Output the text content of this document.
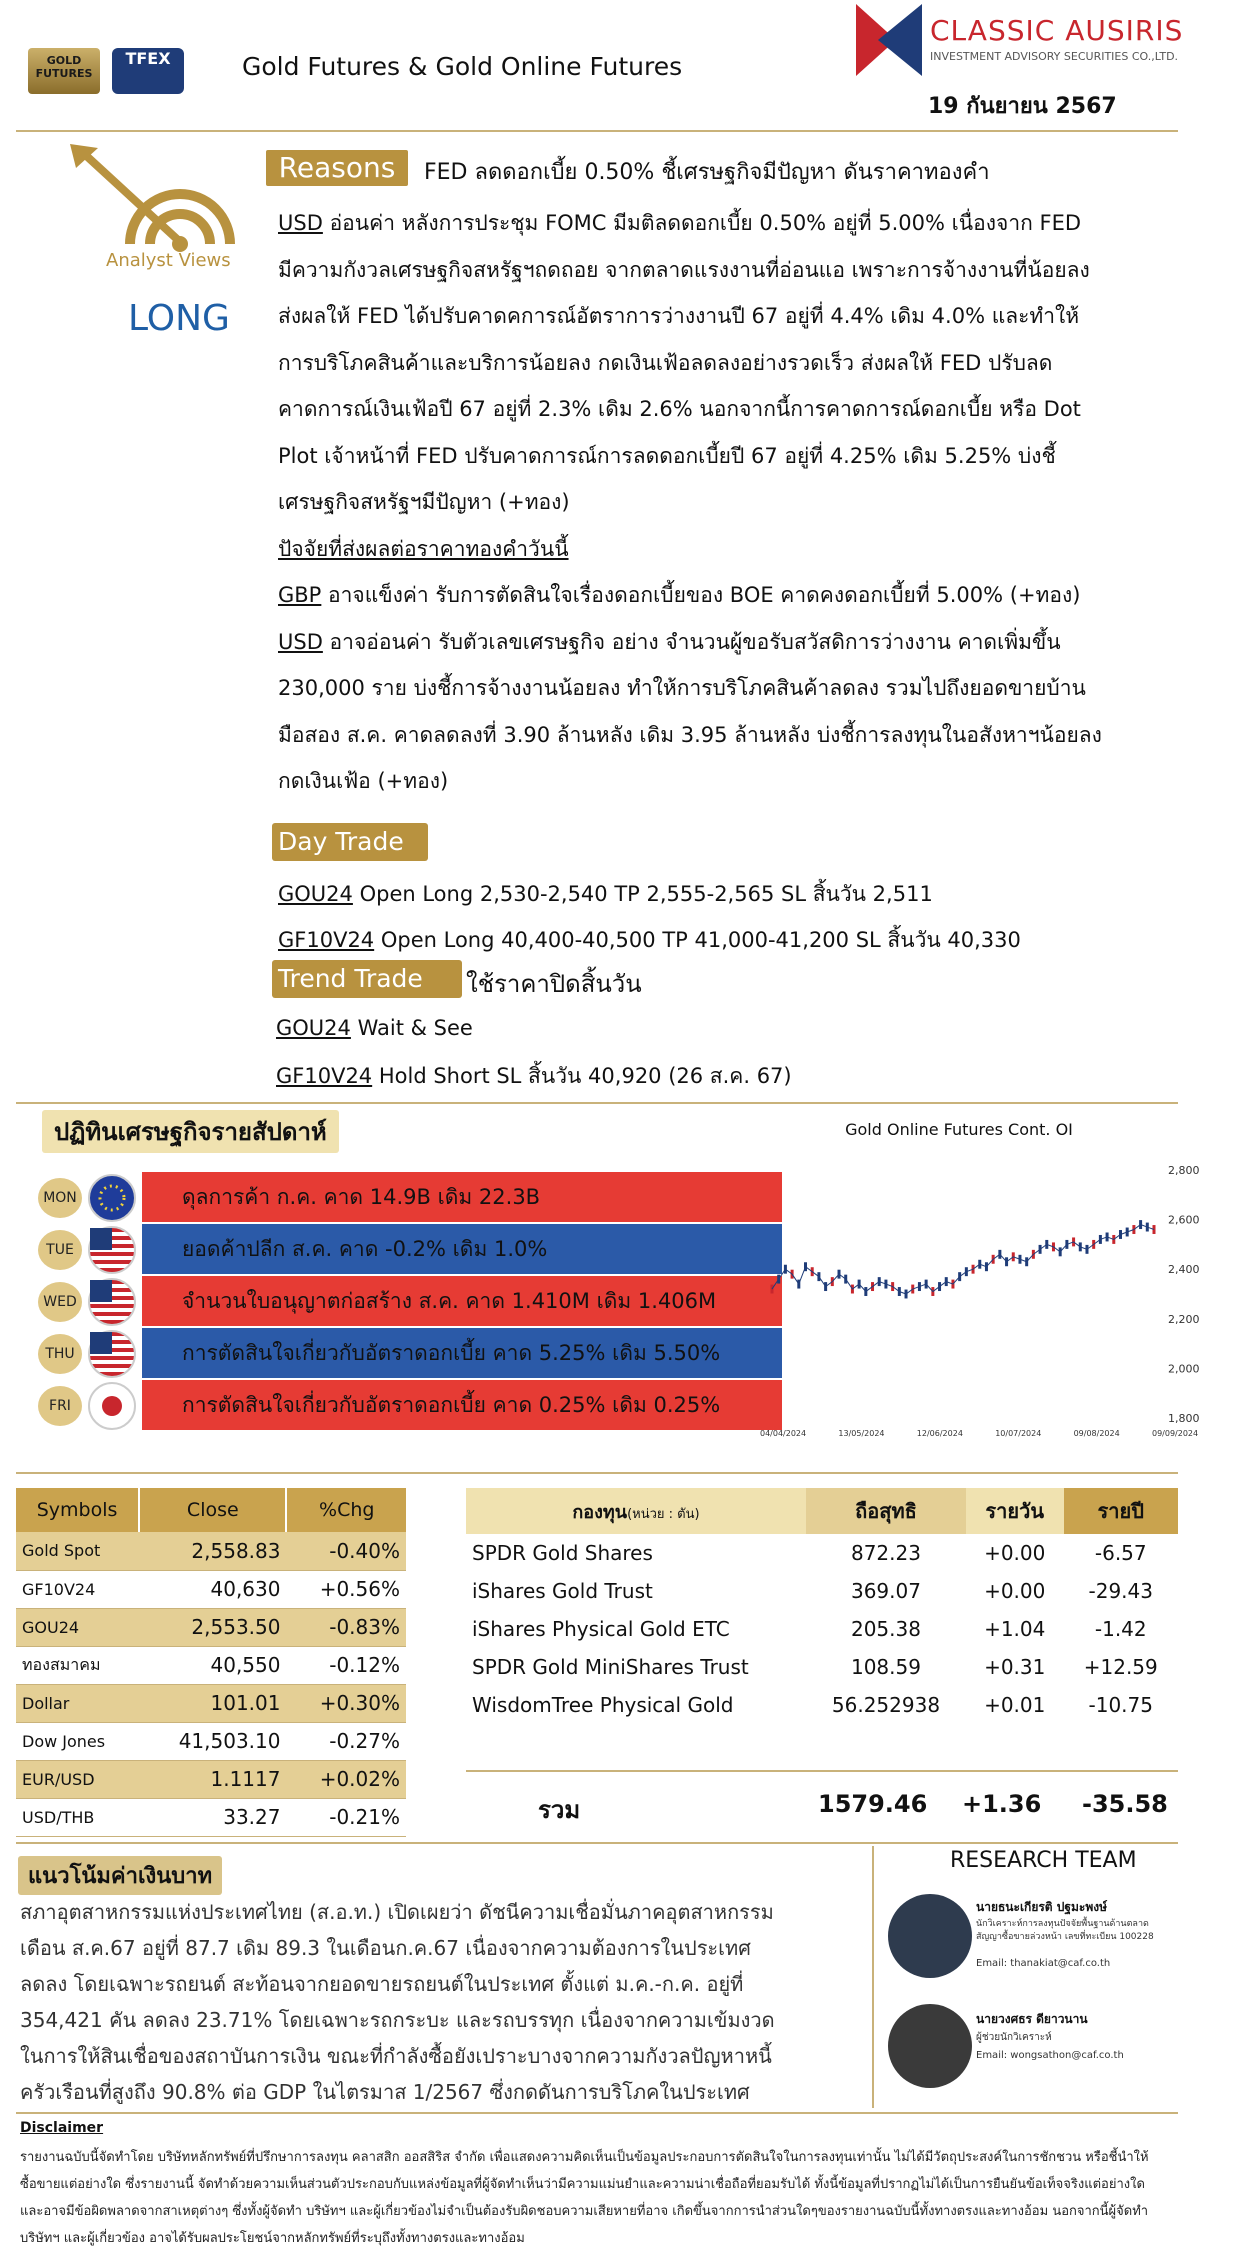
GOLD FUTURES
TFEX	Gold Futures & Gold Online Futures
CLASSIC AUSIRIS
INVESTMENT ADVISORY SECURITIES CO.,LTD.
19 กันยายน 2567
Analyst Views
LONG
Reasons	FED ลดดอกเบี้ย 0.50% ชี้เศรษฐกิจมีปัญหา ดันราคาทองคำ
USD อ่อนค่า หลังการประชุม FOMC มีมติลดดอกเบี้ย 0.50% อยู่ที่ 5.00% เนื่องจาก FED
มีความกังวลเศรษฐกิจสหรัฐฯถดถอย จากตลาดแรงงานที่อ่อนแอ เพราะการจ้างงานที่น้อยลง
ส่งผลให้ FED ได้ปรับคาดคการณ์อัตราการว่างงานปี 67 อยู่ที่ 4.4% เดิม 4.0% และทำให้
การบริโภคสินค้าและบริการน้อยลง กดเงินเฟ้อลดลงอย่างรวดเร็ว ส่งผลให้ FED ปรับลด
คาดการณ์เงินเฟ้อปี 67 อยู่ที่ 2.3% เดิม 2.6% นอกจากนี้การคาดการณ์ดอกเบี้ย หรือ Dot
Plot เจ้าหน้าที่ FED ปรับคาดการณ์การลดดอกเบี้ยปี 67 อยู่ที่ 4.25% เดิม 5.25% บ่งชี้
เศรษฐกิจสหรัฐฯมีปัญหา (+ทอง)
ปัจจัยที่ส่งผลต่อราคาทองคำวันนี้
GBP อาจแข็งค่า รับการตัดสินใจเรื่องดอกเบี้ยของ BOE คาดคงดอกเบี้ยที่ 5.00% (+ทอง)
USD อาจอ่อนค่า รับตัวเลขเศรษฐกิจ อย่าง จำนวนผู้ขอรับสวัสดิการว่างงาน คาดเพิ่มขึ้น
230,000 ราย บ่งชี้การจ้างงานน้อยลง ทำให้การบริโภคสินค้าลดลง รวมไปถึงยอดขายบ้าน
มือสอง ส.ค. คาดลดลงที่ 3.90 ล้านหลัง เดิม 3.95 ล้านหลัง บ่งชี้การลงทุนในอสังหาฯน้อยลง
กดเงินเฟ้อ (+ทอง)
Day Trade
GOU24 Open Long 2,530-2,540 TP 2,555-2,565 SL สิ้นวัน 2,511
GF10V24 Open Long 40,400-40,500 TP 41,000-41,200 SL สิ้นวัน 40,330
Trend Trade	ใช้ราคาปิดสิ้นวัน
GOU24 Wait & See
GF10V24 Hold Short SL สิ้นวัน 40,920 (26 ส.ค. 67)
ปฏิทินเศรษฐกิจรายสัปดาห์
MON	ดุลการค้า ก.ค. คาด 14.9B เดิม 22.3B
TUE	ยอดค้าปลีก ส.ค. คาด -0.2% เดิม 1.0%
WED	จำนวนใบอนุญาตก่อสร้าง ส.ค. คาด 1.410M เดิม 1.406M
THU	การตัดสินใจเกี่ยวกับอัตราดอกเบี้ย คาด 5.25% เดิม 5.50%
FRI	การตัดสินใจเกี่ยวกับอัตราดอกเบี้ย คาด 0.25% เดิม 0.25%
Gold Online Futures Cont. OI
2,800
2,600
2,400
2,200
2,000
1,800
04/04/2024	13/05/2024	12/06/2024	10/07/2024	09/08/2024	09/09/2024
Symbols	Close	%Chg
Gold Spot	2,558.83	-0.40%
GF10V24	40,630	+0.56%
GOU24	2,553.50	-0.83%
ทองสมาคม	40,550	-0.12%
Dollar	101.01	+0.30%
Dow Jones	41,503.10	-0.27%
EUR/USD	1.1117	+0.02%
USD/THB	33.27	-0.21%
กองทุน(หน่วย : ตัน)	ถือสุทธิ	รายวัน	รายปี
SPDR Gold Shares	872.23	+0.00	-6.57
iShares Gold Trust	369.07	+0.00	-29.43
iShares Physical Gold ETC	205.38	+1.04	-1.42
SPDR Gold MiniShares Trust	108.59	+0.31	+12.59
WisdomTree Physical Gold	56.252938	+0.01	-10.75
รวม	1579.46 +1.36 -35.58
แนวโน้มค่าเงินบาท
สภาอุตสาหกรรมแห่งประเทศไทย (ส.อ.ท.) เปิดเผยว่า ดัชนีความเชื่อมั่นภาคอุตสาหกรรม
เดือน ส.ค.67 อยู่ที่ 87.7 เดิม 89.3 ในเดือนก.ค.67 เนื่องจากความต้องการในประเทศ
ลดลง โดยเฉพาะรถยนต์ สะท้อนจากยอดขายรถยนต์ในประเทศ ตั้งแต่ ม.ค.-ก.ค. อยู่ที่
354,421 คัน ลดลง 23.71% โดยเฉพาะรถกระบะ และรถบรรทุก เนื่องจากความเข้มงวด
ในการให้สินเชื่อของสถาบันการเงิน ขณะที่กำลังซื้อยังเปราะบางจากความกังวลปัญหาหนี้
ครัวเรือนที่สูงถึง 90.8% ต่อ GDP ในไตรมาส 1/2567 ซึ่งกดดันการบริโภคในประเทศ
RESEARCH TEAM
นายธนะเกียรติ ปฐมะพงษ์
นักวิเคราะห์การลงทุนปัจจัยพื้นฐานด้านตลาดสัญญาซื้อขายล่วงหน้า เลขที่ทะเบียน 100228
Email: thanakiat@caf.co.th
นายวงศธร ดียาวนาน
ผู้ช่วยนักวิเคราะห์
Email: wongsathon@caf.co.th
Disclaimer
รายงานฉบับนี้จัดทำโดย บริษัทหลักทรัพย์ที่ปรึกษาการลงทุน คลาสสิก ออสสิริส จำกัด เพื่อแสดงความคิดเห็นเป็นข้อมูลประกอบการตัดสินใจในการลงทุนเท่านั้น ไม่ได้มีวัตถุประสงค์ในการชักชวน หรือชี้นำให้
ซื้อขายแต่อย่างใด ซึ่งรายงานนี้ จัดทำด้วยความเห็นส่วนตัวประกอบกับแหล่งข้อมูลที่ผู้จัดทำเห็นว่ามีความแม่นยำและความน่าเชื่อถือที่ยอมรับได้ ทั้งนี้ข้อมูลที่ปรากฏไม่ได้เป็นการยืนยันข้อเท็จจริงแต่อย่างใด
และอาจมีข้อผิดพลาดจากสาเหตุต่างๆ ซึ่งทั้งผู้จัดทำ บริษัทฯ และผู้เกี่ยวข้องไม่จำเป็นต้องรับผิดชอบความเสียหายที่อาจ เกิดขึ้นจากการนำส่วนใดๆของรายงานฉบับนี้ทั้งทางตรงและทางอ้อม นอกจากนี้ผู้จัดทำ
บริษัทฯ และผู้เกี่ยวข้อง อาจได้รับผลประโยชน์จากหลักทรัพย์ที่ระบุถึงทั้งทางตรงและทางอ้อม
